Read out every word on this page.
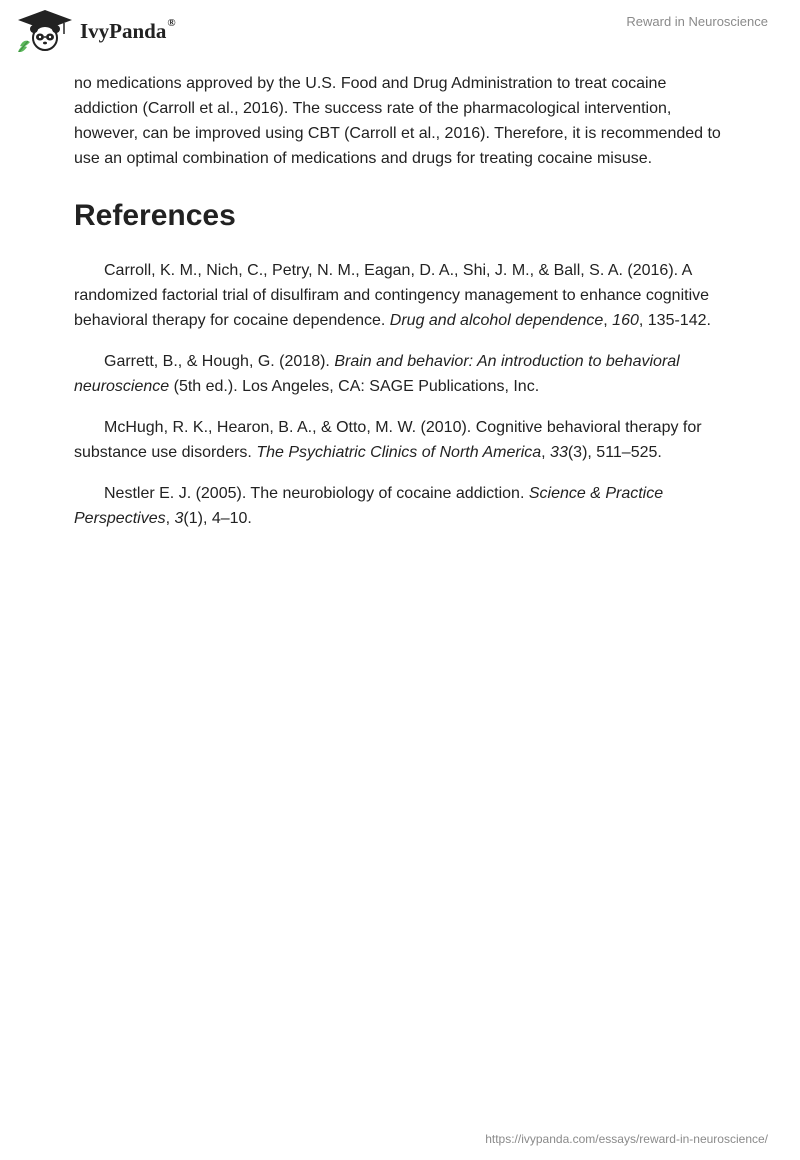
IvyPanda®	Reward in Neuroscience

no medications approved by the U.S. Food and Drug Administration to treat cocaine addiction (Carroll et al., 2016). The success rate of the pharmacological intervention, however, can be improved using CBT (Carroll et al., 2016). Therefore, it is recommended to use an optimal combination of medications and drugs for treating cocaine misuse.

References

Carroll, K. M., Nich, C., Petry, N. M., Eagan, D. A., Shi, J. M., & Ball, S. A. (2016). A randomized factorial trial of disulfiram and contingency management to enhance cognitive behavioral therapy for cocaine dependence. Drug and alcohol dependence, 160, 135-142.

Garrett, B., & Hough, G. (2018). Brain and behavior: An introduction to behavioral neuroscience (5th ed.). Los Angeles, CA: SAGE Publications, Inc.

McHugh, R. K., Hearon, B. A., & Otto, M. W. (2010). Cognitive behavioral therapy for substance use disorders. The Psychiatric Clinics of North America, 33(3), 511–525.

Nestler E. J. (2005). The neurobiology of cocaine addiction. Science & Practice Perspectives, 3(1), 4–10.

https://ivypanda.com/essays/reward-in-neuroscience/
